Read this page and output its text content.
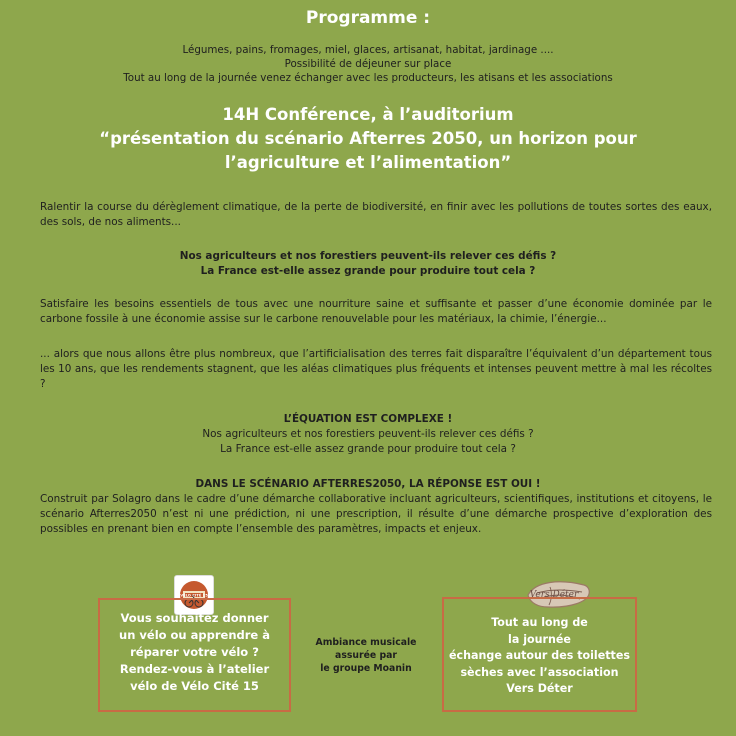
Programme :
Légumes, pains, fromages, miel, glaces, artisanat, habitat, jardinage ....
Possibilité de déjeuner sur place
Tout au long de la journée venez échanger avec les producteurs, les atisans et les associations
14H Conférence, à l’auditorium
“présentation du scénario Afterres 2050, un horizon pour
l’agriculture et l’alimentation”
Ralentir la course du dérèglement climatique, de la perte de biodiversité, en finir avec les pollutions de toutes sortes des eaux, des sols, de nos aliments...
Nos agriculteurs et nos forestiers peuvent-ils relever ces défis ?
La France est-elle assez grande pour produire tout cela ?
Satisfaire les besoins essentiels de tous avec une nourriture saine et suffisante et passer d’une économie dominée par le carbone fossile à une économie assise sur le carbone renouvelable pour les matériaux, la chimie, l’énergie...
... alors que nous allons être plus nombreux, que l’artificialisation des terres fait disparaître l’équivalent d’un département tous les 10 ans, que les rendements stagnent, que les aléas climatiques plus fréquents et intenses peuvent mettre à mal les récoltes ?
L’ÉQUATION EST COMPLEXE !
Nos agriculteurs et nos forestiers peuvent-ils relever ces défis ?
La France est-elle assez grande pour produire tout cela ?
DANS LE SCÉNARIO AFTERRES2050, LA RÉPONSE EST OUI !
Construit par Solagro dans le cadre d’une démarche collaborative incluant agriculteurs, scientifiques, institutions et citoyens, le scénario Afterres2050 n’est ni une prédiction, ni une prescription, il résulte d’une démarche prospective d’exploration des possibles en prenant bien en compte l’ensemble des paramètres, impacts et enjeux.
VÉLO CITÉ 15
Vous souhaitez donner
un vélo ou apprendre à
réparer votre vélo ?
Rendez-vous à l’atelier
vélo de Vélo Cité 15
Ambiance musicale
assurée par
le groupe Moanin
Vers Déter
Tout au long de
la journée
échange autour des toilettes
sèches avec l’association
Vers Déter
